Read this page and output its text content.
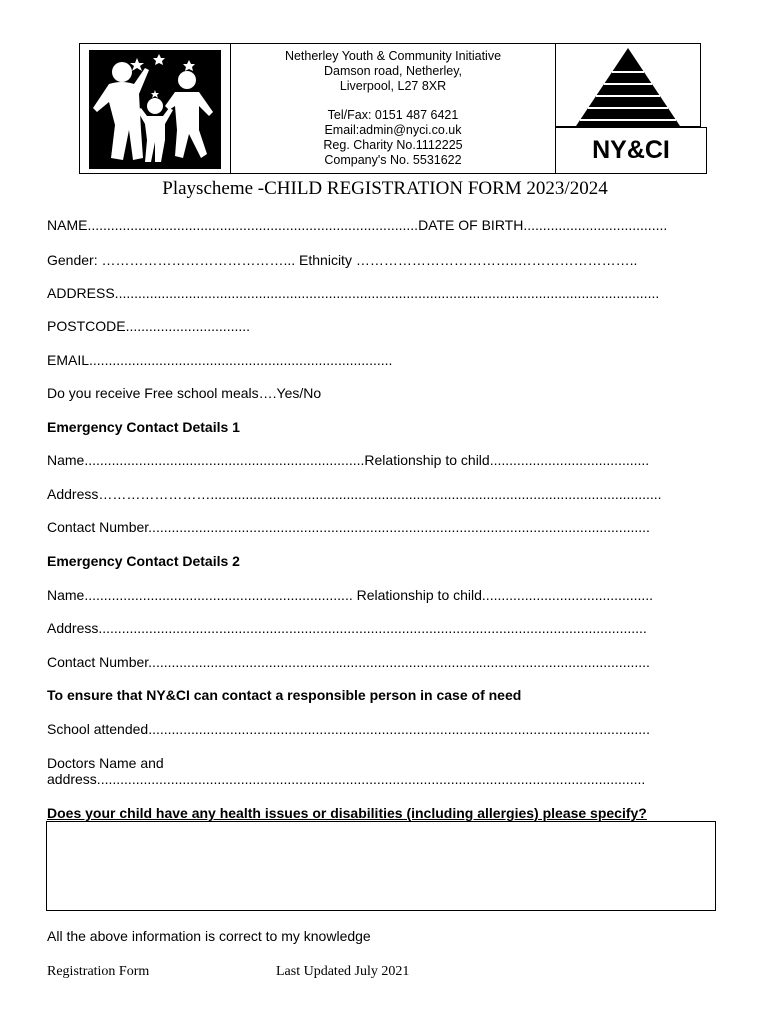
Netherley Youth & Community Initiative
Damson road, Netherley,
Liverpool, L27 8XR
Tel/Fax: 0151 487 6421
Email:admin@nyci.co.uk
Reg. Charity No.1112225
Company's No. 5531622	NY&CI
Playscheme -CHILD REGISTRATION FORM 2023/2024
NAME.....................................................................................DATE OF BIRTH.....................................
Gender: …………………………………... Ethnicity ……………………………..……………………..
ADDRESS............................................................................................................................................
POSTCODE................................
EMAIL..............................................................................
Do you receive Free school meals….Yes/No
Emergency Contact Details 1
Name........................................................................Relationship to child.........................................
Address……………………....................................................................................................................
Contact Number.................................................................................................................................
Emergency Contact Details 2
Name..................................................................... Relationship to child............................................
Address.............................................................................................................................................
Contact Number.................................................................................................................................
To ensure that NY&CI can contact a responsible person in case of need
School attended.................................................................................................................................
Doctors Name and
address.............................................................................................................................................
Does your child have any health issues or disabilities (including allergies) please specify?
All the above information is correct to my knowledge
Registration Form	Last Updated July 2021
